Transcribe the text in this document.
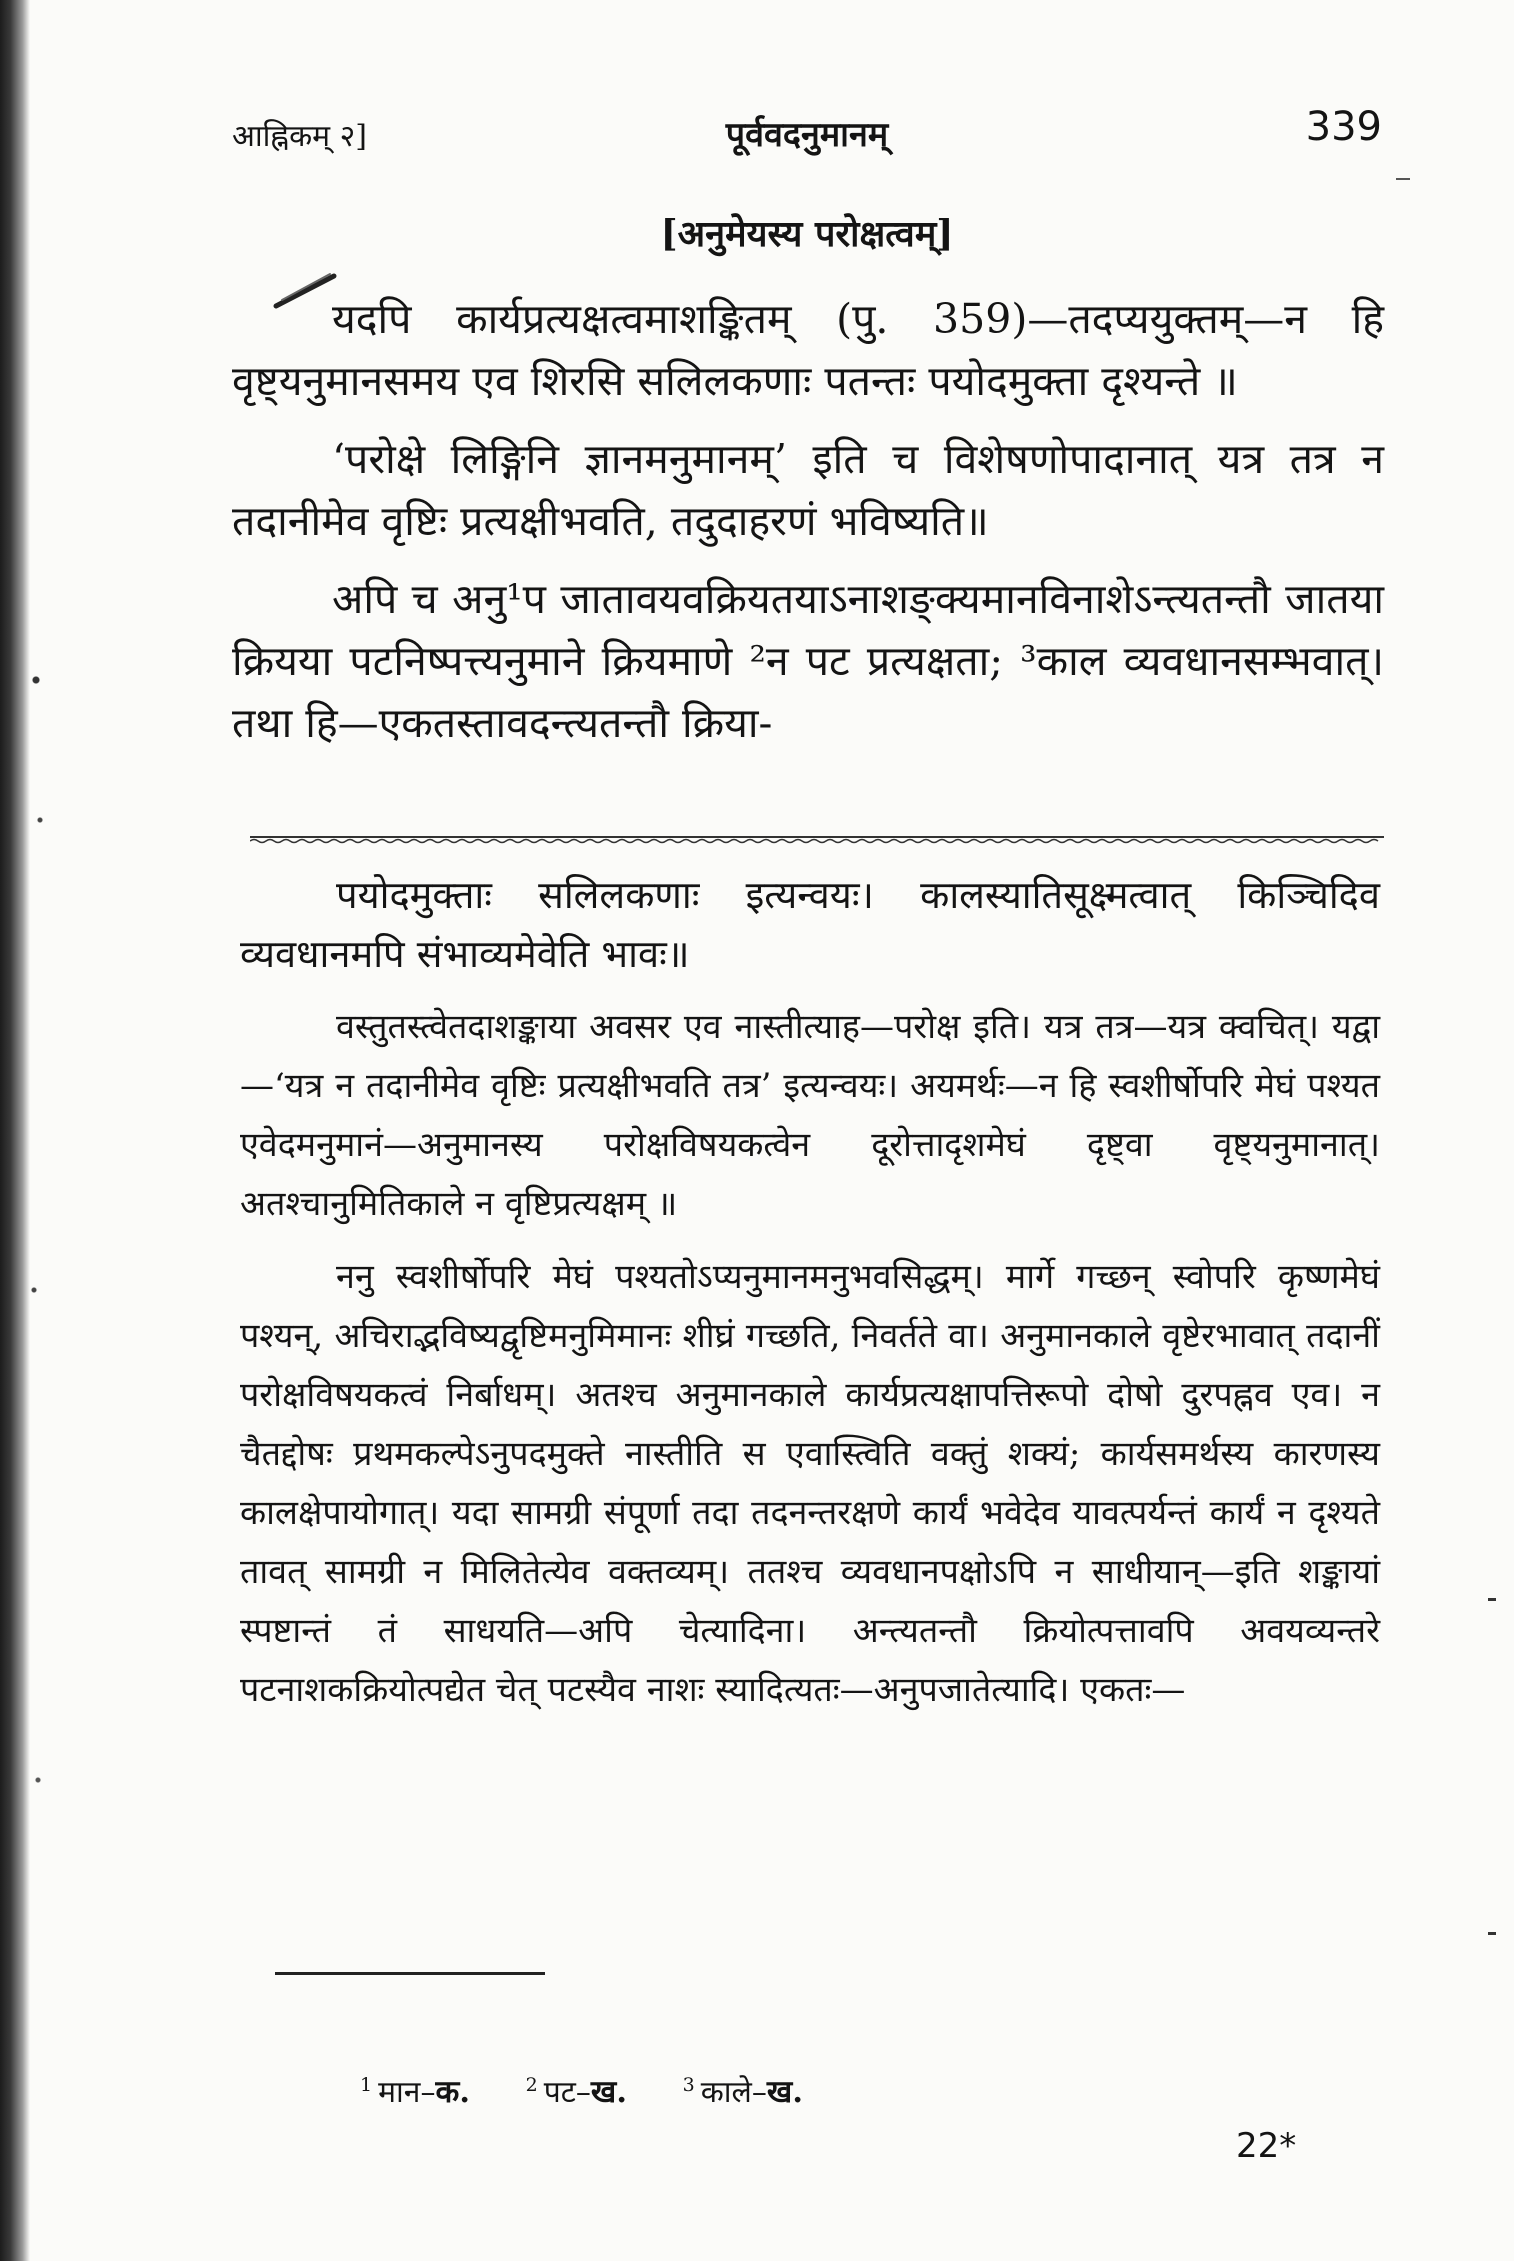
आह्निकम् २]	पूर्ववदनुमानम्	339
[अनुमेयस्य परोक्षत्वम्]

यदपि कार्यप्रत्यक्षत्वमाशङ्कितम् (पु. 359)—तदप्ययुक्तम्—न हि वृष्ट्यनुमानसमय एव शिरसि सलिलकणाः पतन्तः पयोदमुक्ता दृश्यन्ते ॥

‘परोक्षे लिङ्गिनि ज्ञानमनुमानम्’ इति च विशेषणोपादानात् यत्र तत्र न तदानीमेव वृष्टिः प्रत्यक्षीभवति, तदुदाहरणं भविष्यति॥

अपि च अनु¹प जातावयवक्रियतयाऽनाशङ्क्यमानविनाशेऽन्त्यतन्तौ जातया क्रियया पटनिष्पत्त्यनुमाने क्रियमाणे ²न पट प्रत्यक्षता; ³काल व्यवधानसम्भवात्। तथा हि—एकतस्तावदन्त्यतन्तौ क्रिया-

पयोदमुक्ताः सलिलकणाः इत्यन्वयः। कालस्यातिसूक्ष्मत्वात् किञ्चिदिव व्यवधानमपि संभाव्यमेवेति भावः॥

वस्तुतस्त्वेतदाशङ्काया अवसर एव नास्तीत्याह—परोक्ष इति। यत्र तत्र—यत्र क्वचित्। यद्वा—‘यत्र न तदानीमेव वृष्टिः प्रत्यक्षीभवति तत्र’ इत्यन्वयः। अयमर्थः—न हि स्वशीर्षोपरि मेघं पश्यत एवेदमनुमानं—अनुमानस्य परोक्षविषयकत्वेन दूरोत्तादृशमेघं दृष्ट्वा वृष्ट्यनुमानात्। अतश्चानुमितिकाले न वृष्टिप्रत्यक्षम् ॥

ननु स्वशीर्षोपरि मेघं पश्यतोऽप्यनुमानमनुभवसिद्धम्। मार्गे गच्छन् स्वोपरि कृष्णमेघं पश्यन्, अचिराद्भविष्यद्वृष्टिमनुमिमानः शीघ्रं गच्छति, निवर्तते वा। अनुमानकाले वृष्टेरभावात् तदानीं परोक्षविषयकत्वं निर्बाधम्। अतश्च अनुमानकाले कार्यप्रत्यक्षापत्तिरूपो दोषो दुरपह्नव एव। न चैतद्दोषः प्रथमकल्पेऽनुपदमुक्ते नास्तीति स एवास्त्विति वक्तुं शक्यं; कार्यसमर्थस्य कारणस्य कालक्षेपायोगात्। यदा सामग्री संपूर्णा तदा तदनन्तरक्षणे कार्यं भवेदेव यावत्पर्यन्तं कार्यं न दृश्यते तावत् सामग्री न मिलितेत्येव वक्तव्यम्। ततश्च व्यवधानपक्षोऽपि न साधीयान्—इति शङ्कायां स्पष्टान्तं तं साधयति—अपि चेत्यादिना। अन्त्यतन्तौ क्रियोत्पत्तावपि अवयव्यन्तरे पटनाशकक्रियोत्पद्येत चेत् पटस्यैव नाशः स्यादित्यतः—अनुपजातेत्यादि। एकतः—

$^1$ मान–क.	$^2$ पट–ख.	$^3$ काले–ख.
22*
